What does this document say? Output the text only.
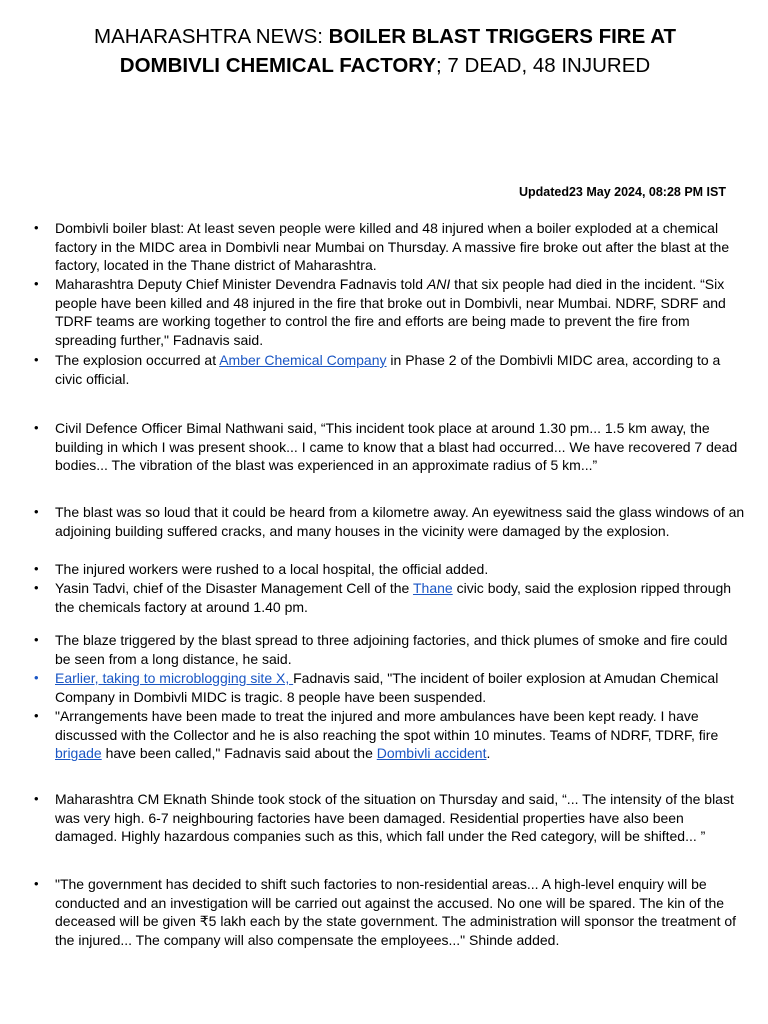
MAHARASHTRA NEWS: BOILER BLAST TRIGGERS FIRE AT DOMBIVLI CHEMICAL FACTORY; 7 DEAD, 48 INJURED
Updated23 May 2024, 08:28 PM IST
• Dombivli boiler blast: At least seven people were killed and 48 injured when a boiler exploded at a chemical factory in the MIDC area in Dombivli near Mumbai on Thursday. A massive fire broke out after the blast at the factory, located in the Thane district of Maharashtra.
• Maharashtra Deputy Chief Minister Devendra Fadnavis told ANI that six people had died in the incident. “Six people have been killed and 48 injured in the fire that broke out in Dombivli, near Mumbai. NDRF, SDRF and TDRF teams are working together to control the fire and efforts are being made to prevent the fire from spreading further," Fadnavis said.
• The explosion occurred at Amber Chemical Company in Phase 2 of the Dombivli MIDC area, according to a civic official.
• Civil Defence Officer Bimal Nathwani said, “This incident took place at around 1.30 pm... 1.5 km away, the building in which I was present shook... I came to know that a blast had occurred... We have recovered 7 dead bodies... The vibration of the blast was experienced in an approximate radius of 5 km...”
• The blast was so loud that it could be heard from a kilometre away. An eyewitness said the glass windows of an adjoining building suffered cracks, and many houses in the vicinity were damaged by the explosion.
• The injured workers were rushed to a local hospital, the official added.
• Yasin Tadvi, chief of the Disaster Management Cell of the Thane civic body, said the explosion ripped through the chemicals factory at around 1.40 pm.
• The blaze triggered by the blast spread to three adjoining factories, and thick plumes of smoke and fire could be seen from a long distance, he said.
• Earlier, taking to microblogging site X, Fadnavis said, "The incident of boiler explosion at Amudan Chemical Company in Dombivli MIDC is tragic. 8 people have been suspended.
• "Arrangements have been made to treat the injured and more ambulances have been kept ready. I have discussed with the Collector and he is also reaching the spot within 10 minutes. Teams of NDRF, TDRF, fire brigade have been called," Fadnavis said about the Dombivli accident.
• Maharashtra CM Eknath Shinde took stock of the situation on Thursday and said, “... The intensity of the blast was very high. 6-7 neighbouring factories have been damaged. Residential properties have also been damaged. Highly hazardous companies such as this, which fall under the Red category, will be shifted... ”
• "The government has decided to shift such factories to non-residential areas... A high-level enquiry will be conducted and an investigation will be carried out against the accused. No one will be spared. The kin of the deceased will be given ₹5 lakh each by the state government. The administration will sponsor the treatment of the injured... The company will also compensate the employees..." Shinde added.
